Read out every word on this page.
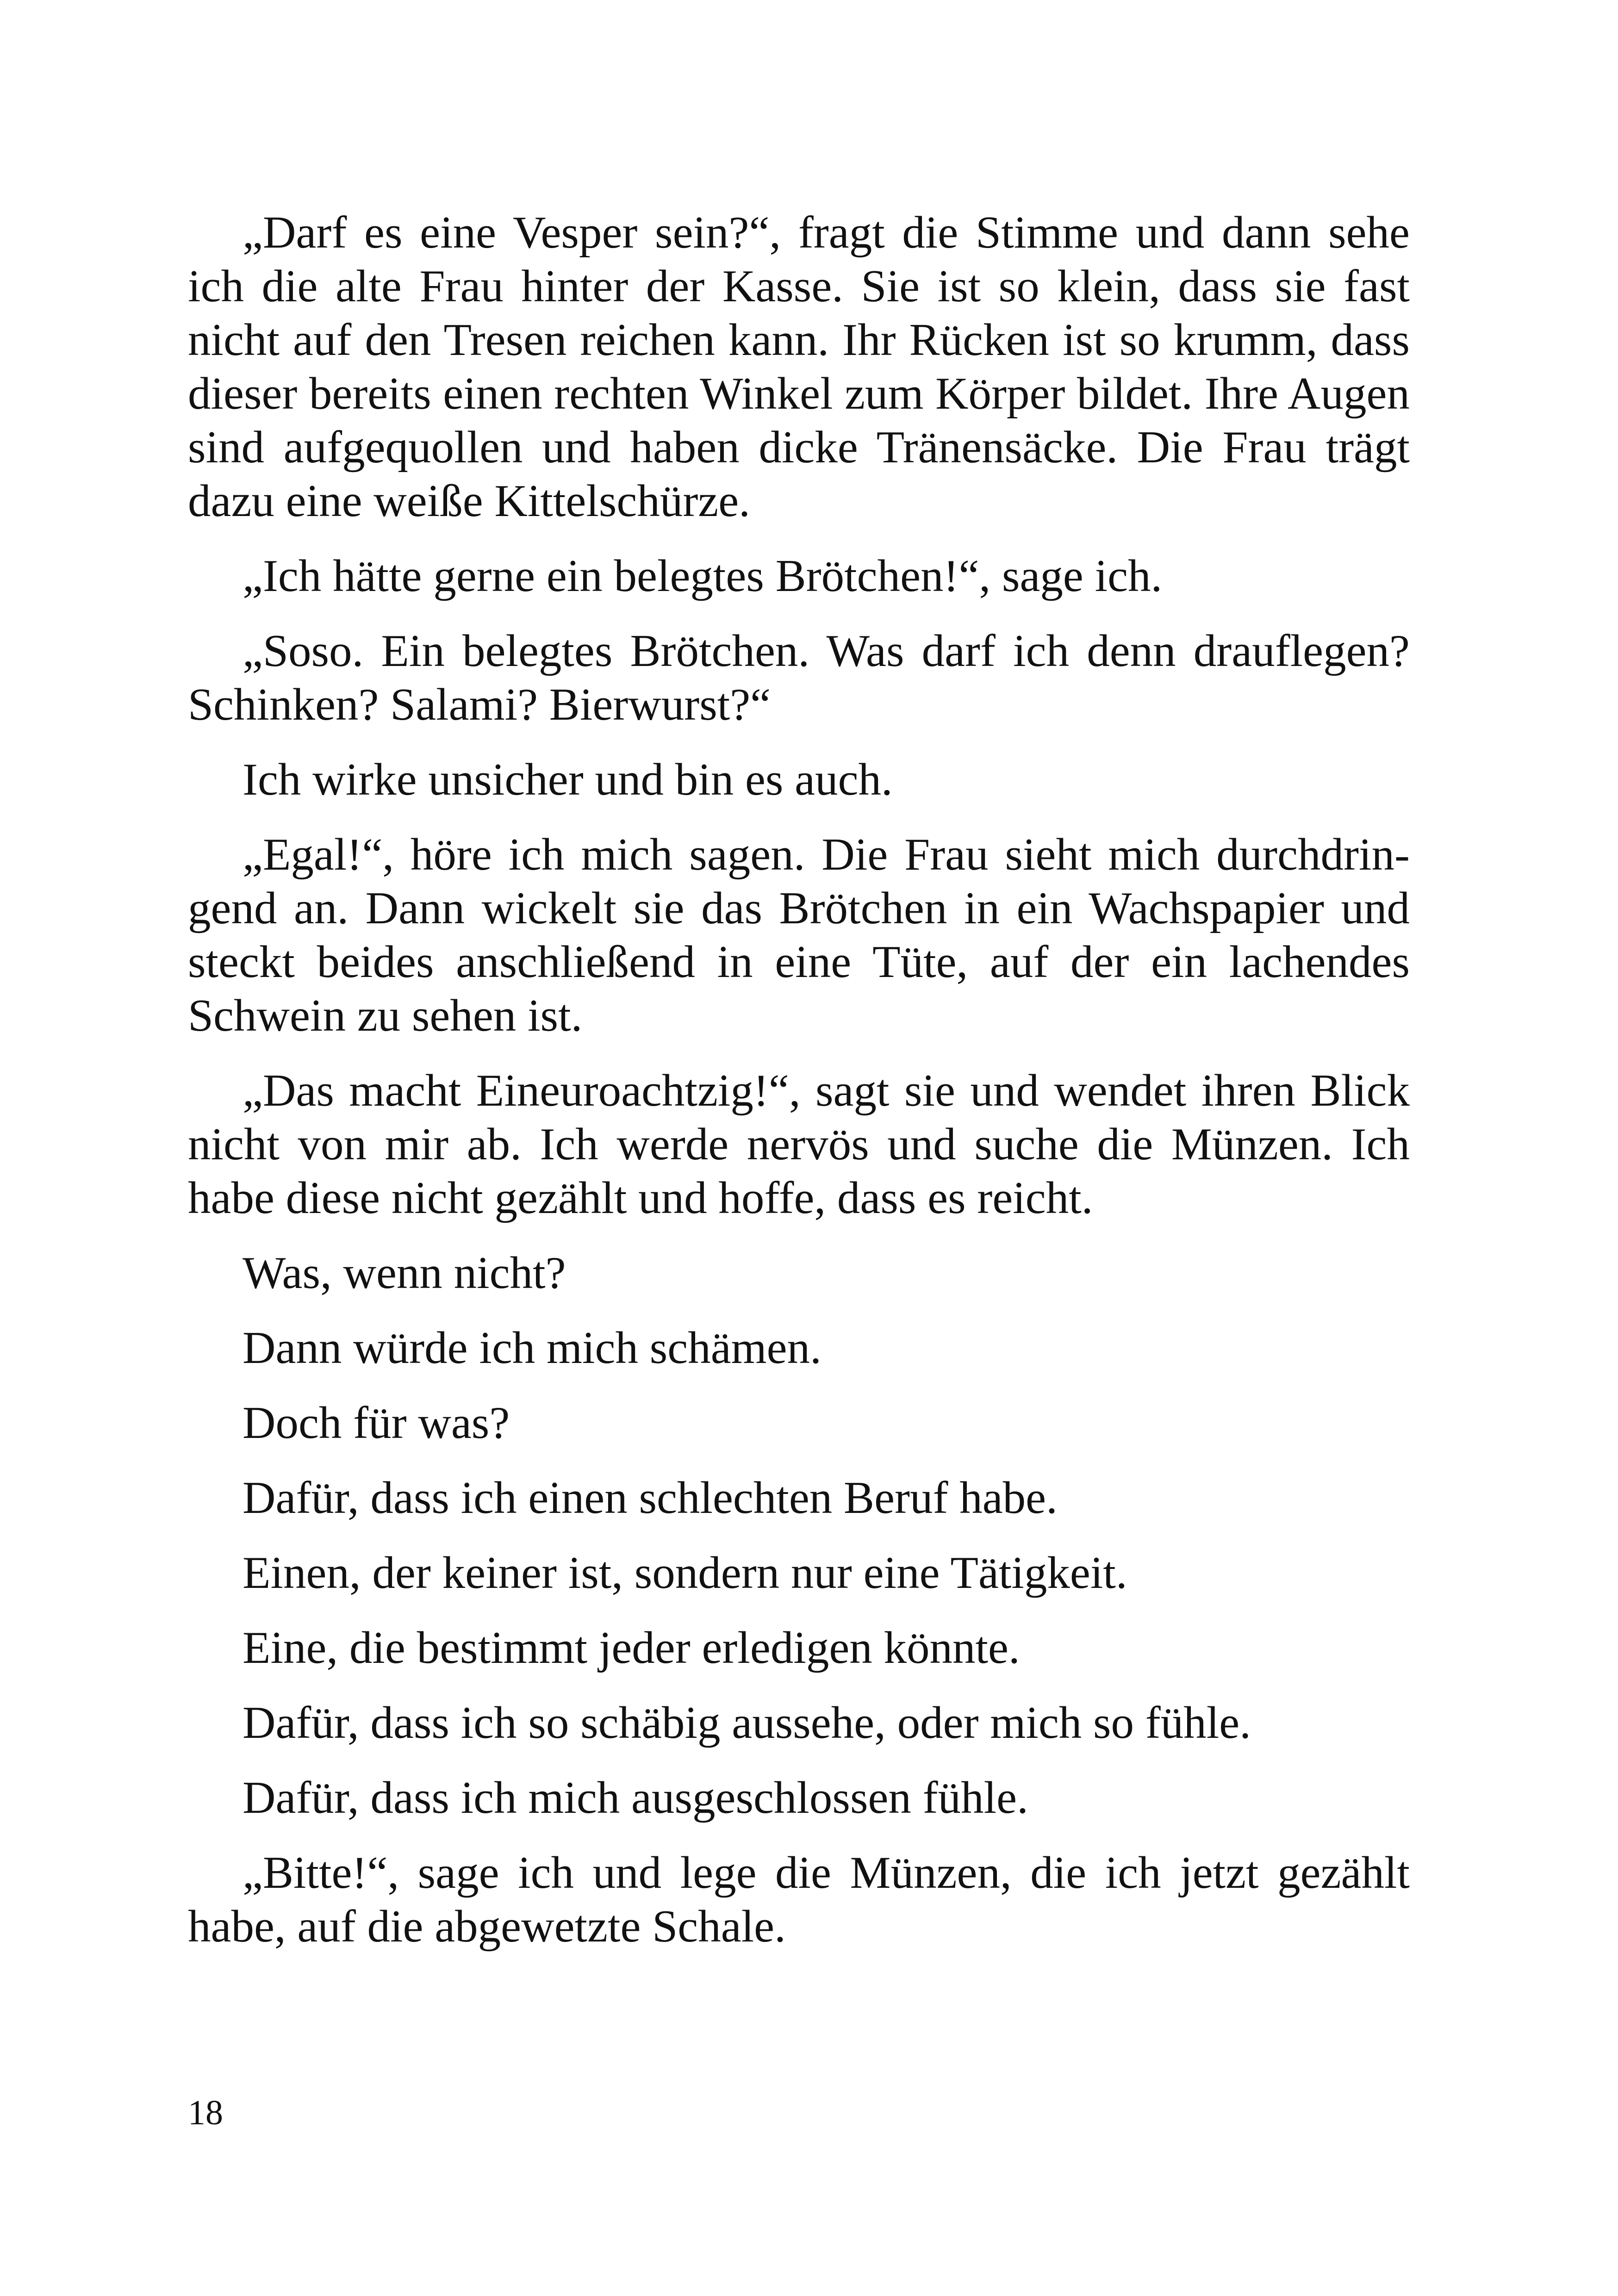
„Darf es eine Vesper sein?“, fragt die Stimme und dann sehe ich die alte Frau hinter der Kasse. Sie ist so klein, dass sie fast nicht auf den Tresen reichen kann. Ihr Rücken ist so krumm, dass dieser bereits einen rechten Winkel zum Körper bildet. Ihre Augen sind aufgequollen und haben dicke Tränensäcke. Die Frau trägt dazu eine weiße Kittelschürze.

„Ich hätte gerne ein belegtes Brötchen!“, sage ich.

„Soso. Ein belegtes Brötchen. Was darf ich denn drauflegen? Schinken? Salami? Bierwurst?“

Ich wirke unsicher und bin es auch.

„Egal!“, höre ich mich sagen. Die Frau sieht mich durchdrin-gend an. Dann wickelt sie das Brötchen in ein Wachspapier und steckt beides anschließend in eine Tüte, auf der ein lachendes Schwein zu sehen ist.

„Das macht Eineuroachtzig!“, sagt sie und wendet ihren Blick nicht von mir ab. Ich werde nervös und suche die Münzen. Ich habe diese nicht gezählt und hoffe, dass es reicht.

Was, wenn nicht?

Dann würde ich mich schämen.

Doch für was?

Dafür, dass ich einen schlechten Beruf habe.

Einen, der keiner ist, sondern nur eine Tätigkeit.

Eine, die bestimmt jeder erledigen könnte.

Dafür, dass ich so schäbig aussehe, oder mich so fühle.

Dafür, dass ich mich ausgeschlossen fühle.

„Bitte!“, sage ich und lege die Münzen, die ich jetzt gezählt habe, auf die abgewetzte Schale.

18
